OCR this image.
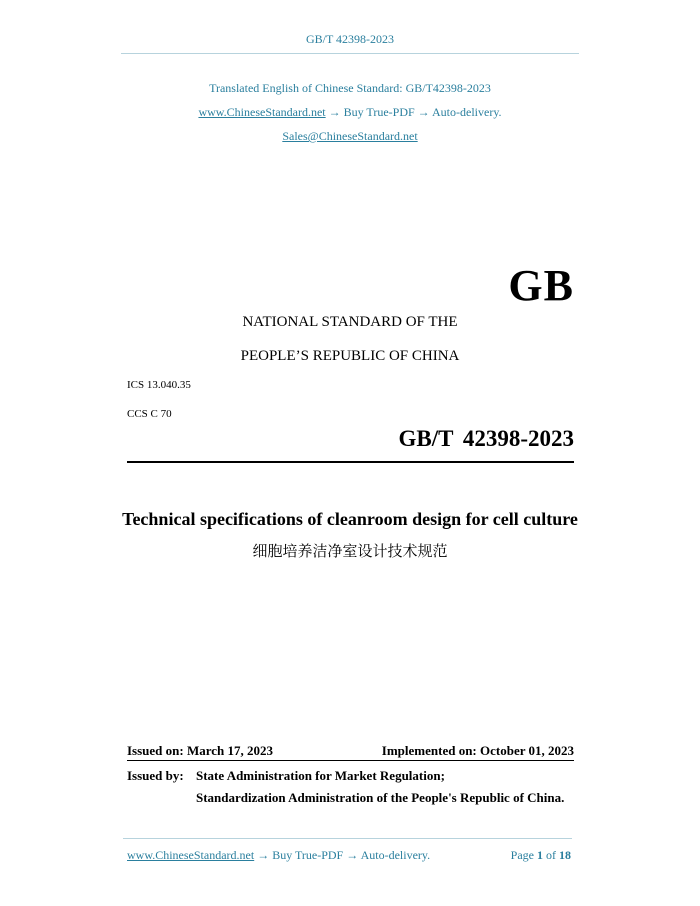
GB/T 42398-2023
Translated English of Chinese Standard: GB/T42398-2023
www.ChineseStandard.net → Buy True-PDF → Auto-delivery.
Sales@ChineseStandard.net
GB
NATIONAL STANDARD OF THE
PEOPLE’S REPUBLIC OF CHINA
ICS 13.040.35
CCS C 70
GB/T 42398-2023
Technical specifications of cleanroom design for cell culture
细胞培养洁净室设计技术规范
Issued on: March 17, 2023	Implemented on: October 01, 2023
Issued by: State Administration for Market Regulation;
Standardization Administration of the People's Republic of China.
www.ChineseStandard.net → Buy True-PDF → Auto-delivery.	Page 1 of 18
